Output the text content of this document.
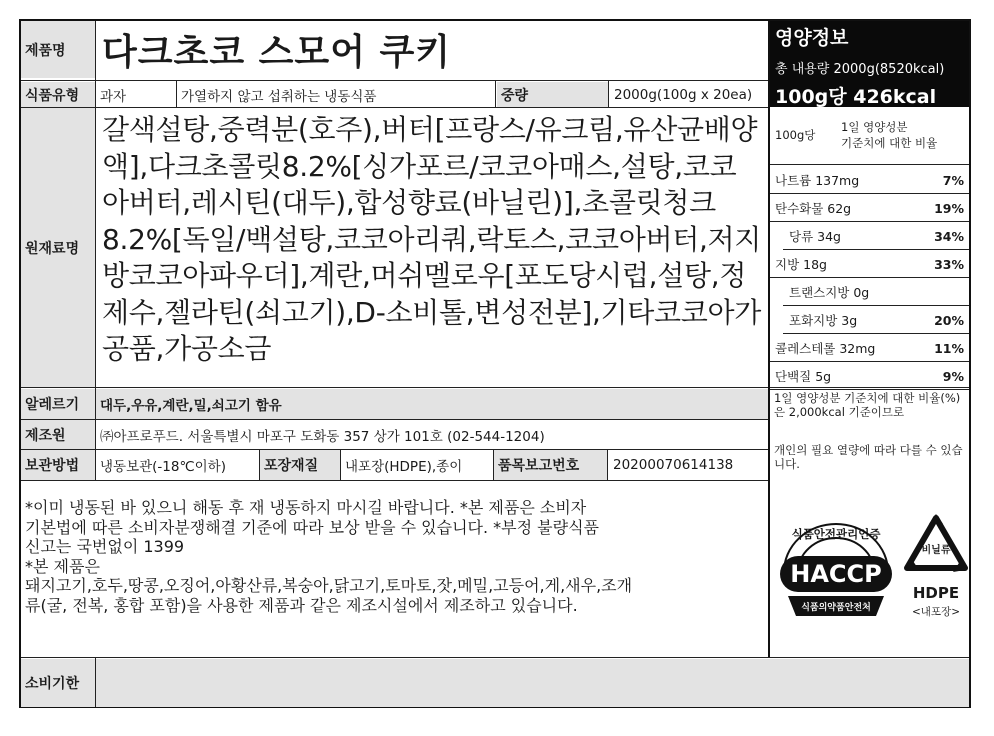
제품명	다크초코 스모어 쿠키
식품유형	과자	가열하지 않고 섭취하는 냉동식품	중량	2000g(100g x 20ea)
원재료명
갈색설탕,중력분(호주),버터[프랑스/유크림,유산균배양액],다크초콜릿8.2%[싱가포르/코코아매스,설탕,코코아버터,레시틴(대두),합성향료(바닐린)],초콜릿청크8.2%[독일/백설탕,코코아리쿼,락토스,코코아버터,저지방코코아파우더],계란,머쉬멜로우[포도당시럽,설탕,정제수,젤라틴(쇠고기),D-소비톨,변성전분],기타코코아가공품,가공소금
알레르기	대두,우유,계란,밀,쇠고기 함유
제조원	㈜아프로푸드. 서울특별시 마포구 도화동 357 상가 101호 (02-544-1204)
보관방법	냉동보관(-18℃이하)	포장재질	내포장(HDPE),종이	품목보고번호	20200070614138
*이미 냉동된 바 있으니 해동 후 재 냉동하지 마시길 바랍니다. *본 제품은 소비자
기본법에 따른 소비자분쟁해결 기준에 따라 보상 받을 수 있습니다. *부정 불량식품
신고는 국번없이 1399
*본 제품은
돼지고기,호두,땅콩,오징어,아황산류,복숭아,닭고기,토마토,잣,메밀,고등어,게,새우,조개
류(굴, 전복, 홍합 포함)을 사용한 제품과 같은 제조시설에서 제조하고 있습니다.
소비기한
영양정보
총 내용량 2000g(8520kcal)
100g당 426kcal
100g당
1일 영양성분
기준치에 대한 비율
나트륨 137mg	7%
탄수화물 62g	19%
당류 34g	34%
지방 18g	33%
트랜스지방 0g
포화지방 3g	20%
콜레스테롤 32mg	11%
단백질 5g	9%
1일 영양성분 기준치에 대한 비율(%)은 2,000kcal 기준이므로
개인의 필요 열량에 따라 다를 수 있습니다.
식품안전관리인증
HACCP
식품의약품안전처
비닐류
HDPE
<내포장>
